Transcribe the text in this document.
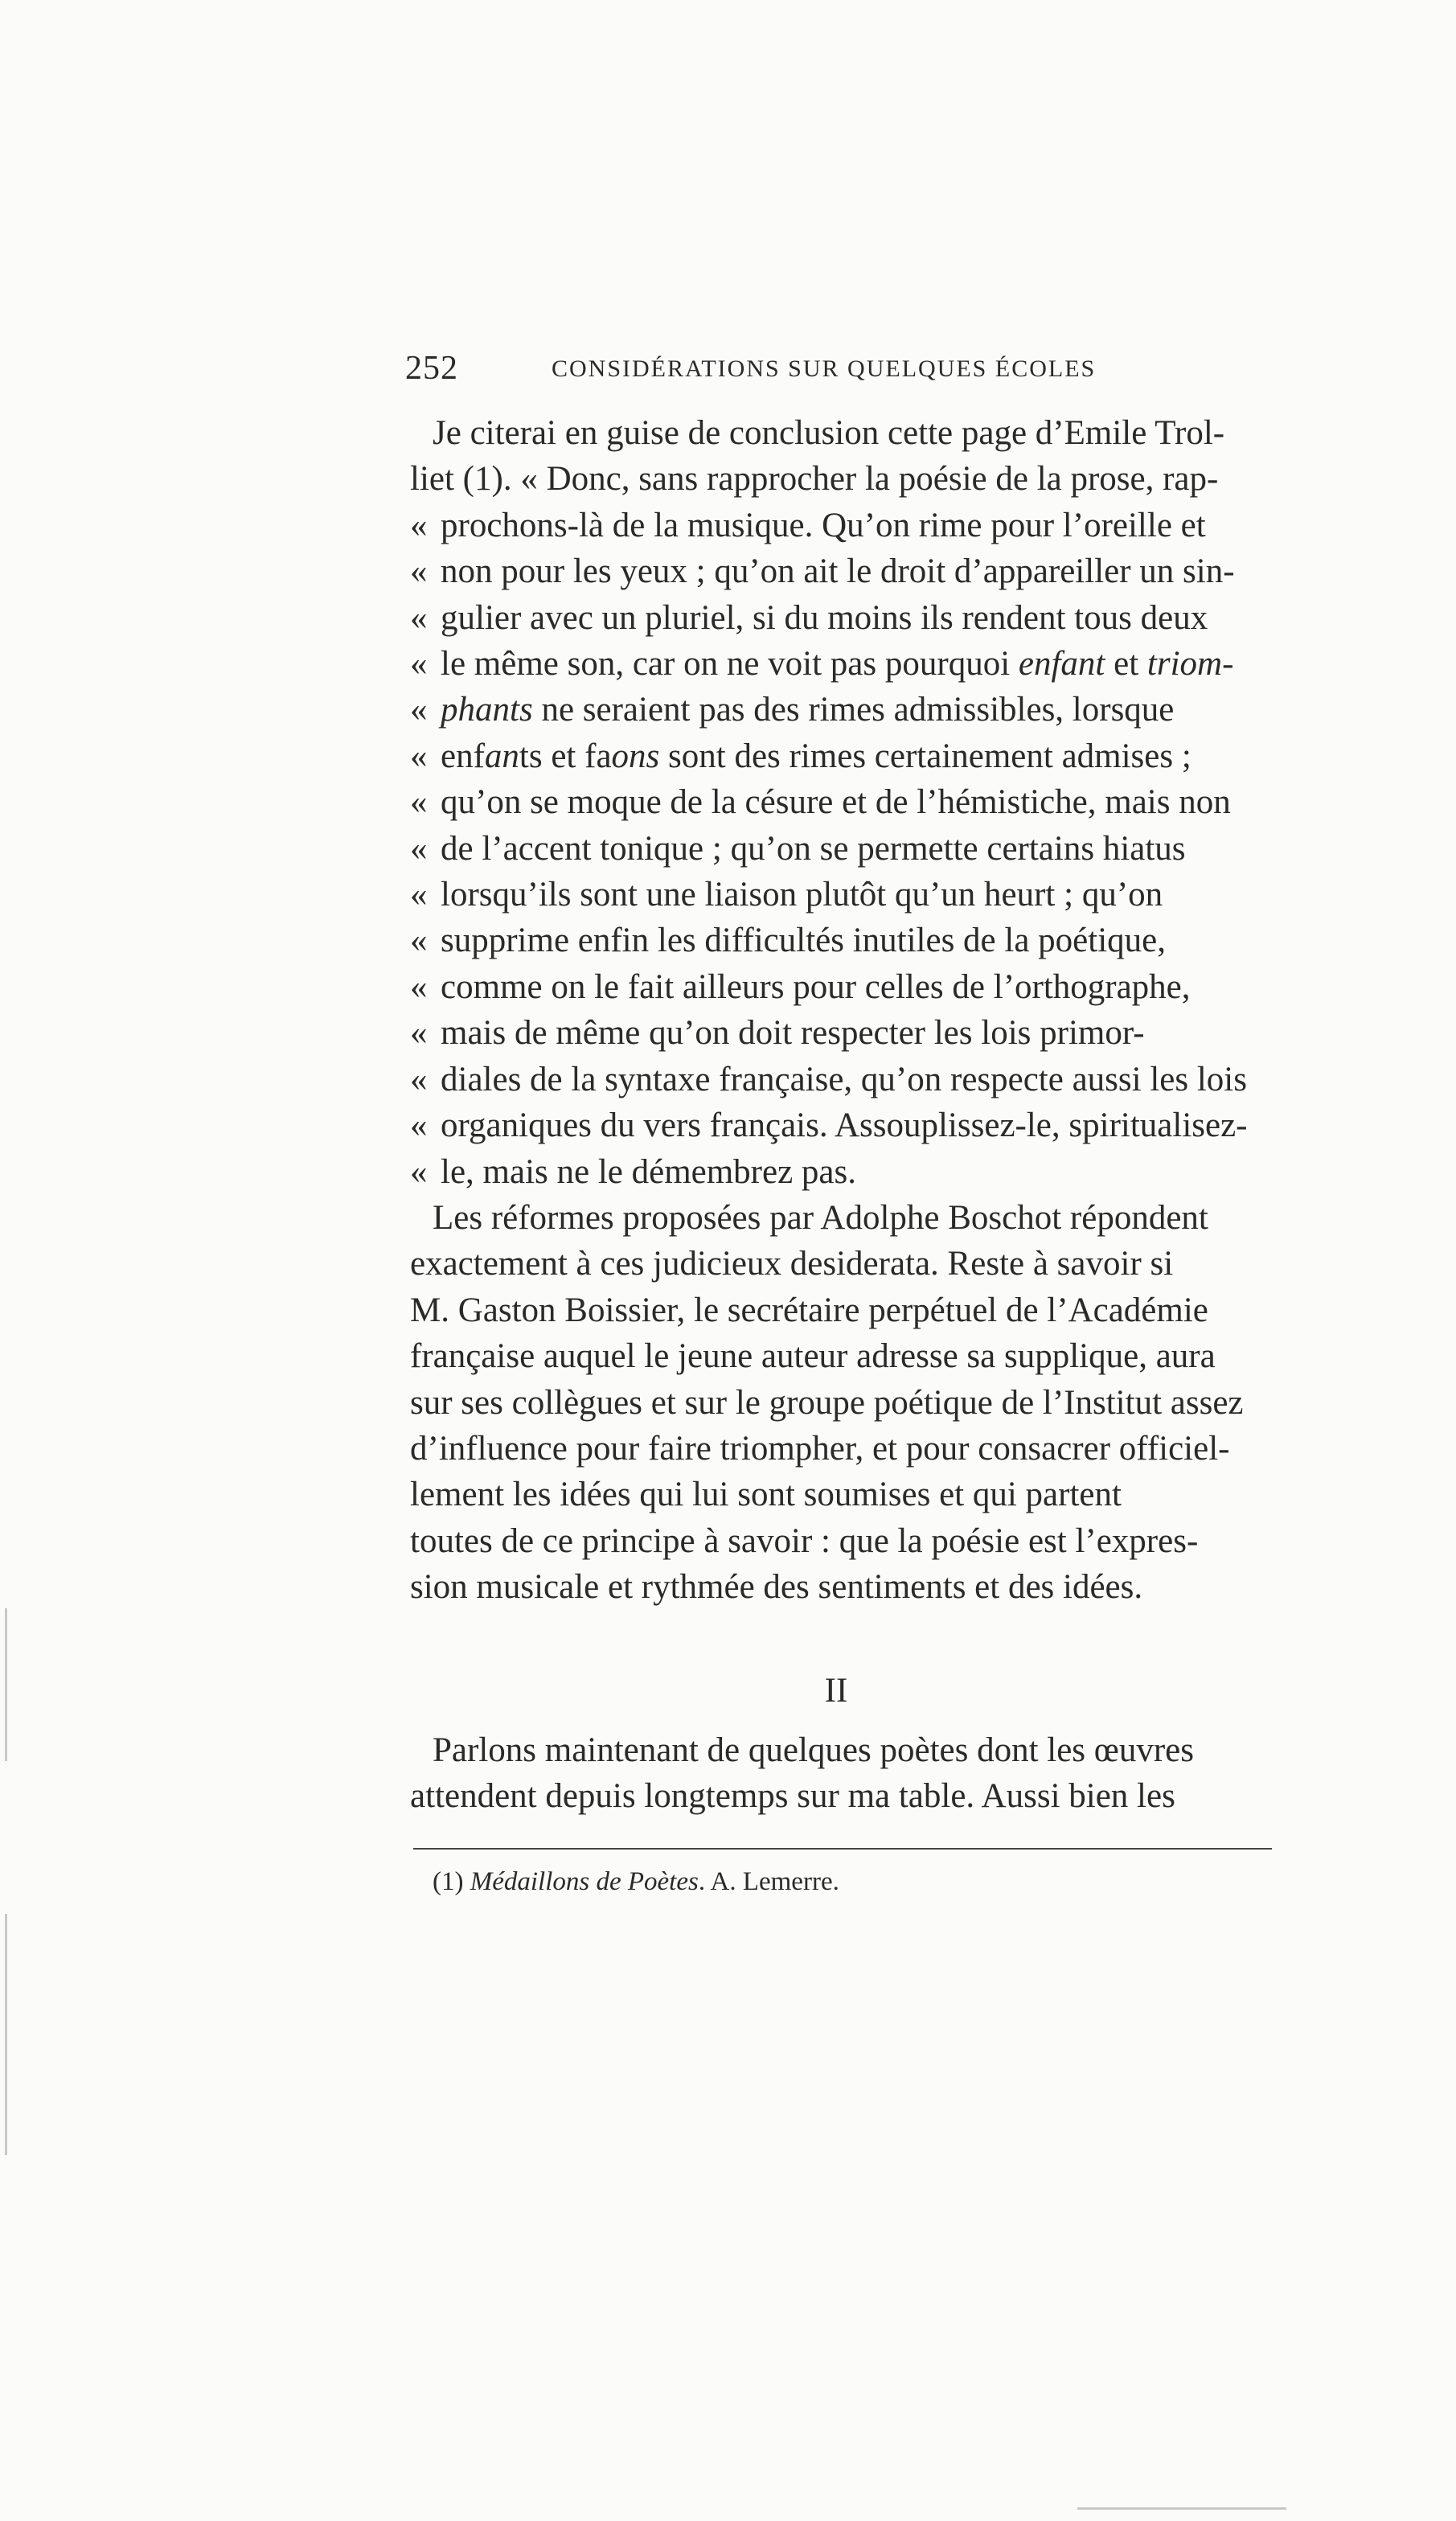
252	CONSIDÉRATIONS SUR QUELQUES ÉCOLES
Je citerai en guise de conclusion cette page d’Emile Trol-
liet (1). « Donc, sans rapprocher la poésie de la prose, rap-
« prochons-là de la musique. Qu’on rime pour l’oreille et
« non pour les yeux ; qu’on ait le droit d’appareiller un sin-
« gulier avec un pluriel, si du moins ils rendent tous deux
« le même son, car on ne voit pas pourquoi enfant et triom-
« phants ne seraient pas des rimes admissibles, lorsque
« enfants et faons sont des rimes certainement admises ;
« qu’on se moque de la césure et de l’hémistiche, mais non
« de l’accent tonique ; qu’on se permette certains hiatus
« lorsqu’ils sont une liaison plutôt qu’un heurt ; qu’on
« supprime enfin les difficultés inutiles de la poétique,
« comme on le fait ailleurs pour celles de l’orthographe,
« mais de même qu’on doit respecter les lois primor-
« diales de la syntaxe française, qu’on respecte aussi les lois
« organiques du vers français. Assouplissez-le, spiritualisez-
« le, mais ne le démembrez pas.
Les réformes proposées par Adolphe Boschot répondent
exactement à ces judicieux desiderata. Reste à savoir si
M. Gaston Boissier, le secrétaire perpétuel de l’Académie
française auquel le jeune auteur adresse sa supplique, aura
sur ses collègues et sur le groupe poétique de l’Institut assez
d’influence pour faire triompher, et pour consacrer officiel-
lement les idées qui lui sont soumises et qui partent
toutes de ce principe à savoir : que la poésie est l’expres-
sion musicale et rythmée des sentiments et des idées.
II
Parlons maintenant de quelques poètes dont les œuvres
attendent depuis longtemps sur ma table. Aussi bien les
(1) Médaillons de Poètes. A. Lemerre.
